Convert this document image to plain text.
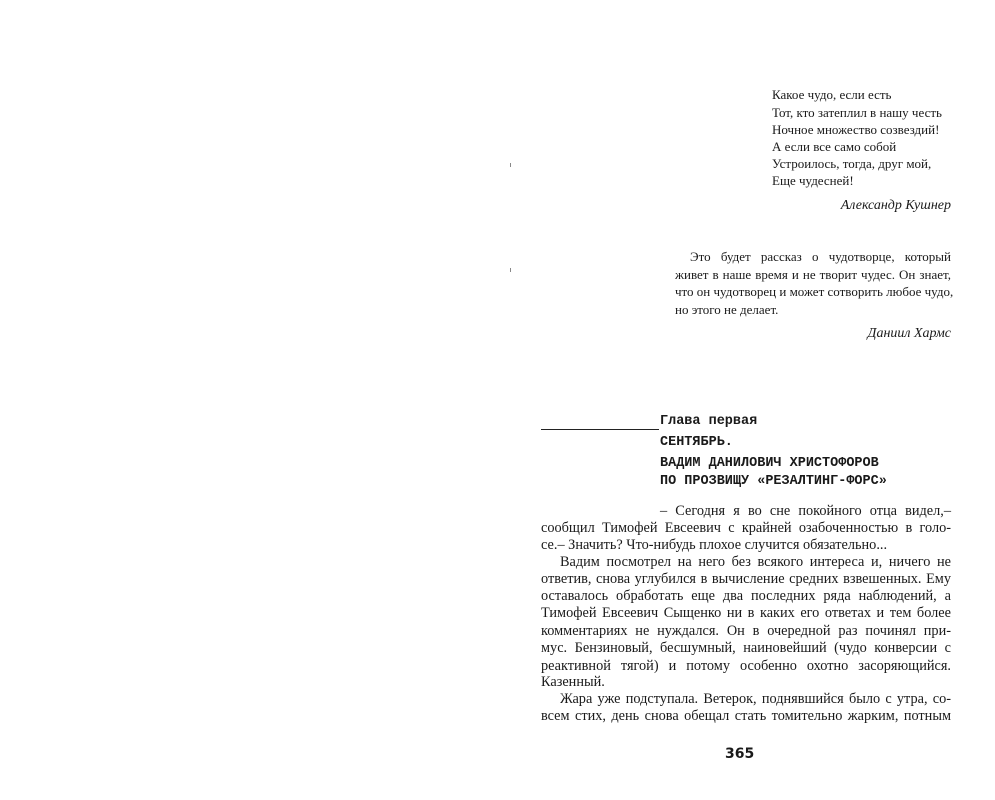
Какое чудо, если есть
Тот, кто затеплил в нашу честь
Ночное множество созвездий!
А если все само собой
Устроилось, тогда, друг мой,
Еще чудесней!
Александр Кушнер
Это будет рассказ о чудотворце, который
живет в наше время и не творит чудес. Он знает,
что он чудотворец и может сотворить любое чудо,
но этого не делает.
Даниил Хармс
Глава первая
СЕНТЯБРЬ.
ВАДИМ ДАНИЛОВИЧ ХРИСТОФОРОВ
ПО ПРОЗВИЩУ «РЕЗАЛТИНГ-ФОРС»
– Сегодня я во сне покойного отца видел,–
сообщил Тимофей Евсеевич с крайней озабоченностью в голо-
се.– Значить? Что-нибудь плохое случится обязательно...
Вадим посмотрел на него без всякого интереса и, ничего не
ответив, снова углубился в вычисление средних взвешенных. Ему
оставалось обработать еще два последних ряда наблюдений, а
Тимофей Евсеевич Сыщенко ни в каких его ответах и тем более
комментариях не нуждался. Он в очередной раз починял при-
мус. Бензиновый, бесшумный, наиновейший (чудо конверсии с
реактивной тягой) и потому особенно охотно засоряющийся.
Казенный.
Жара уже подступала. Ветерок, поднявшийся было с утра, со-
всем стих, день снова обещал стать томительно жарким, потным
365
